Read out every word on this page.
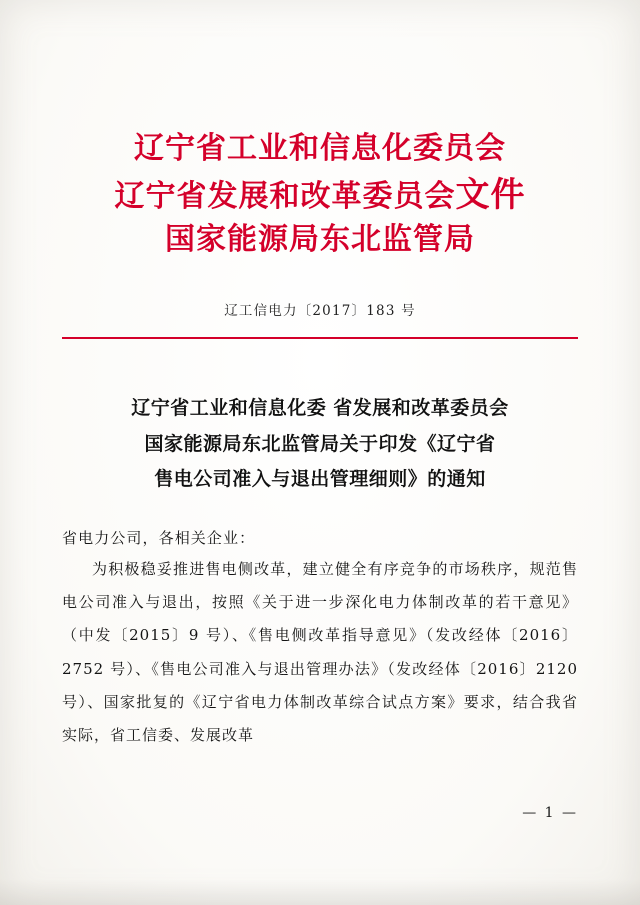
辽宁省工业和信息化委员会
辽宁省发展和改革委员会文件
国家能源局东北监管局
辽工信电力〔2017〕183 号
辽宁省工业和信息化委 省发展和改革委员会
国家能源局东北监管局关于印发《辽宁省
售电公司准入与退出管理细则》的通知
省电力公司，各相关企业：
为积极稳妥推进售电侧改革，建立健全有序竞争的市场秩序，规范售电公司准入与退出，按照《关于进一步深化电力体制改革的若干意见》（中发〔2015〕9 号）、《售电侧改革指导意见》（发改经体〔2016〕2752 号）、《售电公司准入与退出管理办法》（发改经体〔2016〕2120 号）、国家批复的《辽宁省电力体制改革综合试点方案》要求，结合我省实际，省工信委、发展改革
— 1 —
